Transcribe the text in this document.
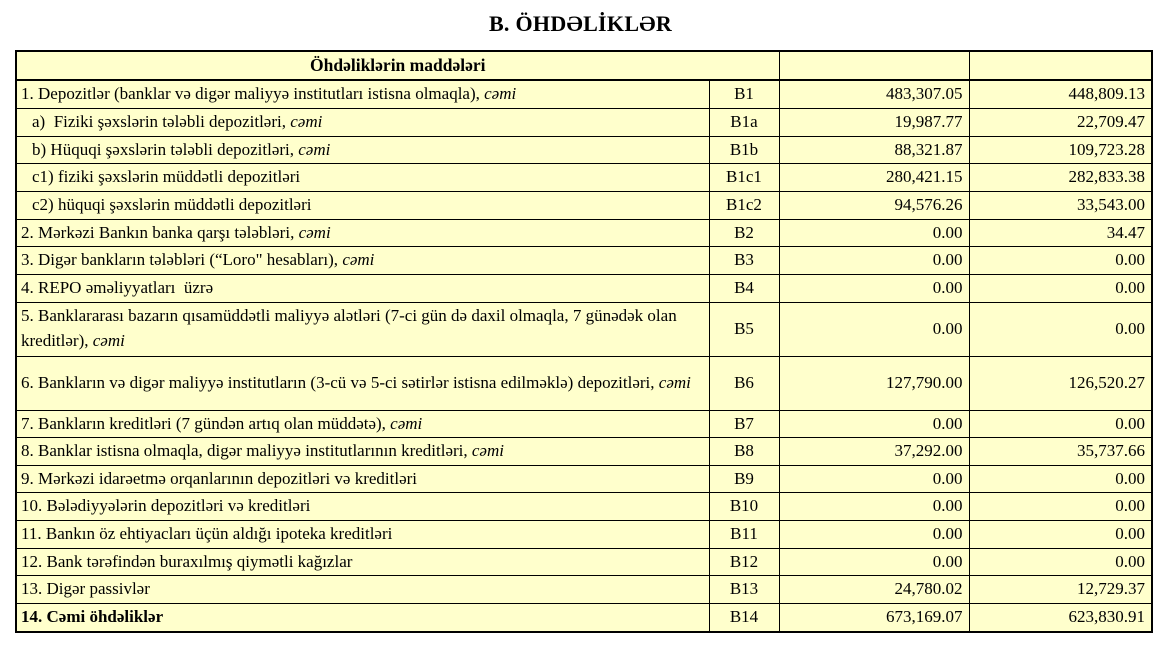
B. ÖHDƏLİKLƏR
Öhdəliklərin maddələri			
1. Depozitlər (banklar və digər maliyyə institutları istisna olmaqla), cəmi	B1	483,307.05	448,809.13
a)  Fiziki şəxslərin tələbli depozitləri, cəmi	B1a	19,987.77	22,709.47
b) Hüquqi şəxslərin tələbli depozitləri, cəmi	B1b	88,321.87	109,723.28
c1) fiziki şəxslərin müddətli depozitləri	B1c1	280,421.15	282,833.38
c2) hüquqi şəxslərin müddətli depozitləri	B1c2	94,576.26	33,543.00
2. Mərkəzi Bankın banka qarşı tələbləri, cəmi	B2	0.00	34.47
3. Digər bankların tələbləri (“Loro" hesabları), cəmi	B3	0.00	0.00
4. REPO əməliyyatları  üzrə	B4	0.00	0.00
5. Banklararası bazarın qısamüddətli maliyyə alətləri (7-ci gün də daxil olmaqla, 7 günədək olan kreditlər), cəmi	B5	0.00	0.00
6. Bankların və digər maliyyə institutların (3-cü və 5-ci sətirlər istisna edilməklə) depozitləri, cəmi	B6	127,790.00	126,520.27
7. Bankların kreditləri (7 gündən artıq olan müddətə), cəmi	B7	0.00	0.00
8. Banklar istisna olmaqla, digər maliyyə institutlarının kreditləri, cəmi	B8	37,292.00	35,737.66
9. Mərkəzi idarəetmə orqanlarının depozitləri və kreditləri	B9	0.00	0.00
10. Bələdiyyələrin depozitləri və kreditləri	B10	0.00	0.00
11. Bankın öz ehtiyacları üçün aldığı ipoteka kreditləri	B11	0.00	0.00
12. Bank tərəfindən buraxılmış qiymətli kağızlar	B12	0.00	0.00
13. Digər passivlər	B13	24,780.02	12,729.37
14. Cəmi öhdəliklər	B14	673,169.07	623,830.91
